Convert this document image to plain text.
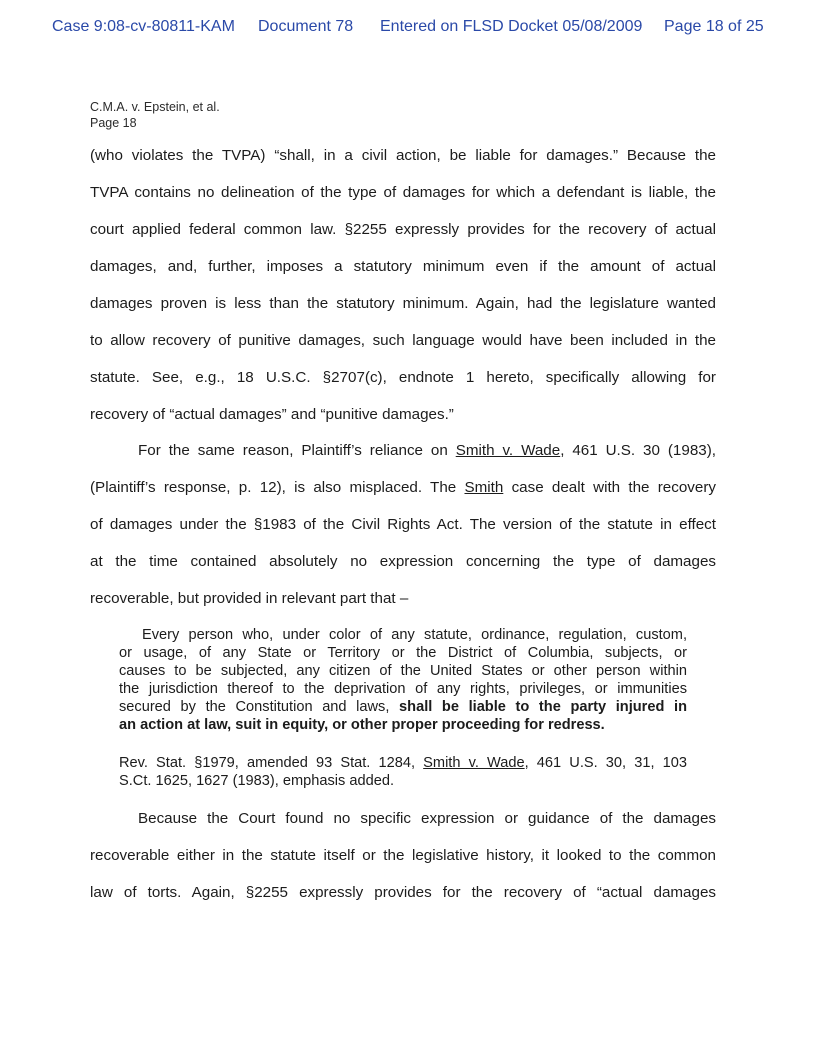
Case 9:08-cv-80811-KAM Document 78 Entered on FLSD Docket 05/08/2009 Page 18 of 25
C.M.A. v. Epstein, et al.
Page 18
(who violates the TVPA) “shall, in a civil action, be liable for damages.” Because the
TVPA contains no delineation of the type of damages for which a defendant is liable, the
court applied federal common law. §2255 expressly provides for the recovery of actual
damages, and, further, imposes a statutory minimum even if the amount of actual
damages proven is less than the statutory minimum. Again, had the legislature wanted
to allow recovery of punitive damages, such language would have been included in the
statute. See, e.g., 18 U.S.C. §2707(c), endnote 1 hereto, specifically allowing for
recovery of “actual damages” and “punitive damages.”
For the same reason, Plaintiff’s reliance on Smith v. Wade, 461 U.S. 30 (1983),
(Plaintiff’s response, p. 12), is also misplaced. The Smith case dealt with the recovery
of damages under the §1983 of the Civil Rights Act. The version of the statute in effect
at the time contained absolutely no expression concerning the type of damages
recoverable, but provided in relevant part that –
Every person who, under color of any statute, ordinance, regulation, custom,
or usage, of any State or Territory or the District of Columbia, subjects, or
causes to be subjected, any citizen of the United States or other person within
the jurisdiction thereof to the deprivation of any rights, privileges, or immunities
secured by the Constitution and laws, shall be liable to the party injured in
an action at law, suit in equity, or other proper proceeding for redress.
Rev. Stat. §1979, amended 93 Stat. 1284, Smith v. Wade, 461 U.S. 30, 31, 103
S.Ct. 1625, 1627 (1983), emphasis added.
Because the Court found no specific expression or guidance of the damages
recoverable either in the statute itself or the legislative history, it looked to the common
law of torts. Again, §2255 expressly provides for the recovery of “actual damages
